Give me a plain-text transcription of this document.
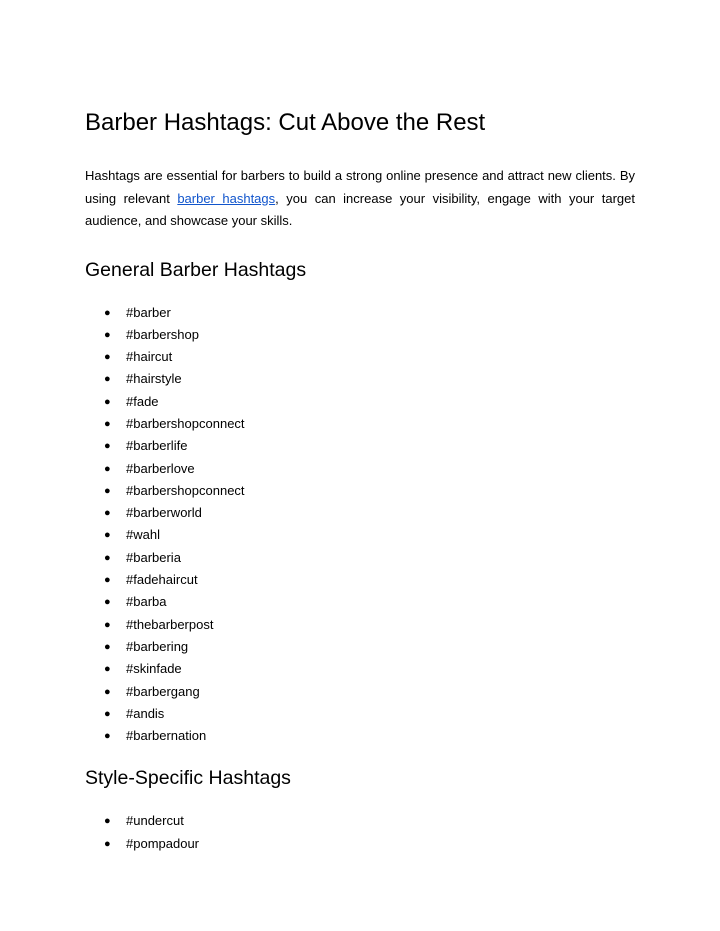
Barber Hashtags: Cut Above the Rest

Hashtags are essential for barbers to build a strong online presence and attract new clients. By using relevant barber hashtags, you can increase your visibility, engage with your target audience, and showcase your skills.

General Barber Hashtags
● #barber
● #barbershop
● #haircut
● #hairstyle
● #fade
● #barbershopconnect
● #barberlife
● #barberlove
● #barbershopconnect
● #barberworld
● #wahl
● #barberia
● #fadehaircut
● #barba
● #thebarberpost
● #barbering
● #skinfade
● #barbergang
● #andis
● #barbernation
Style-Specific Hashtags
● #undercut
● #pompadour
